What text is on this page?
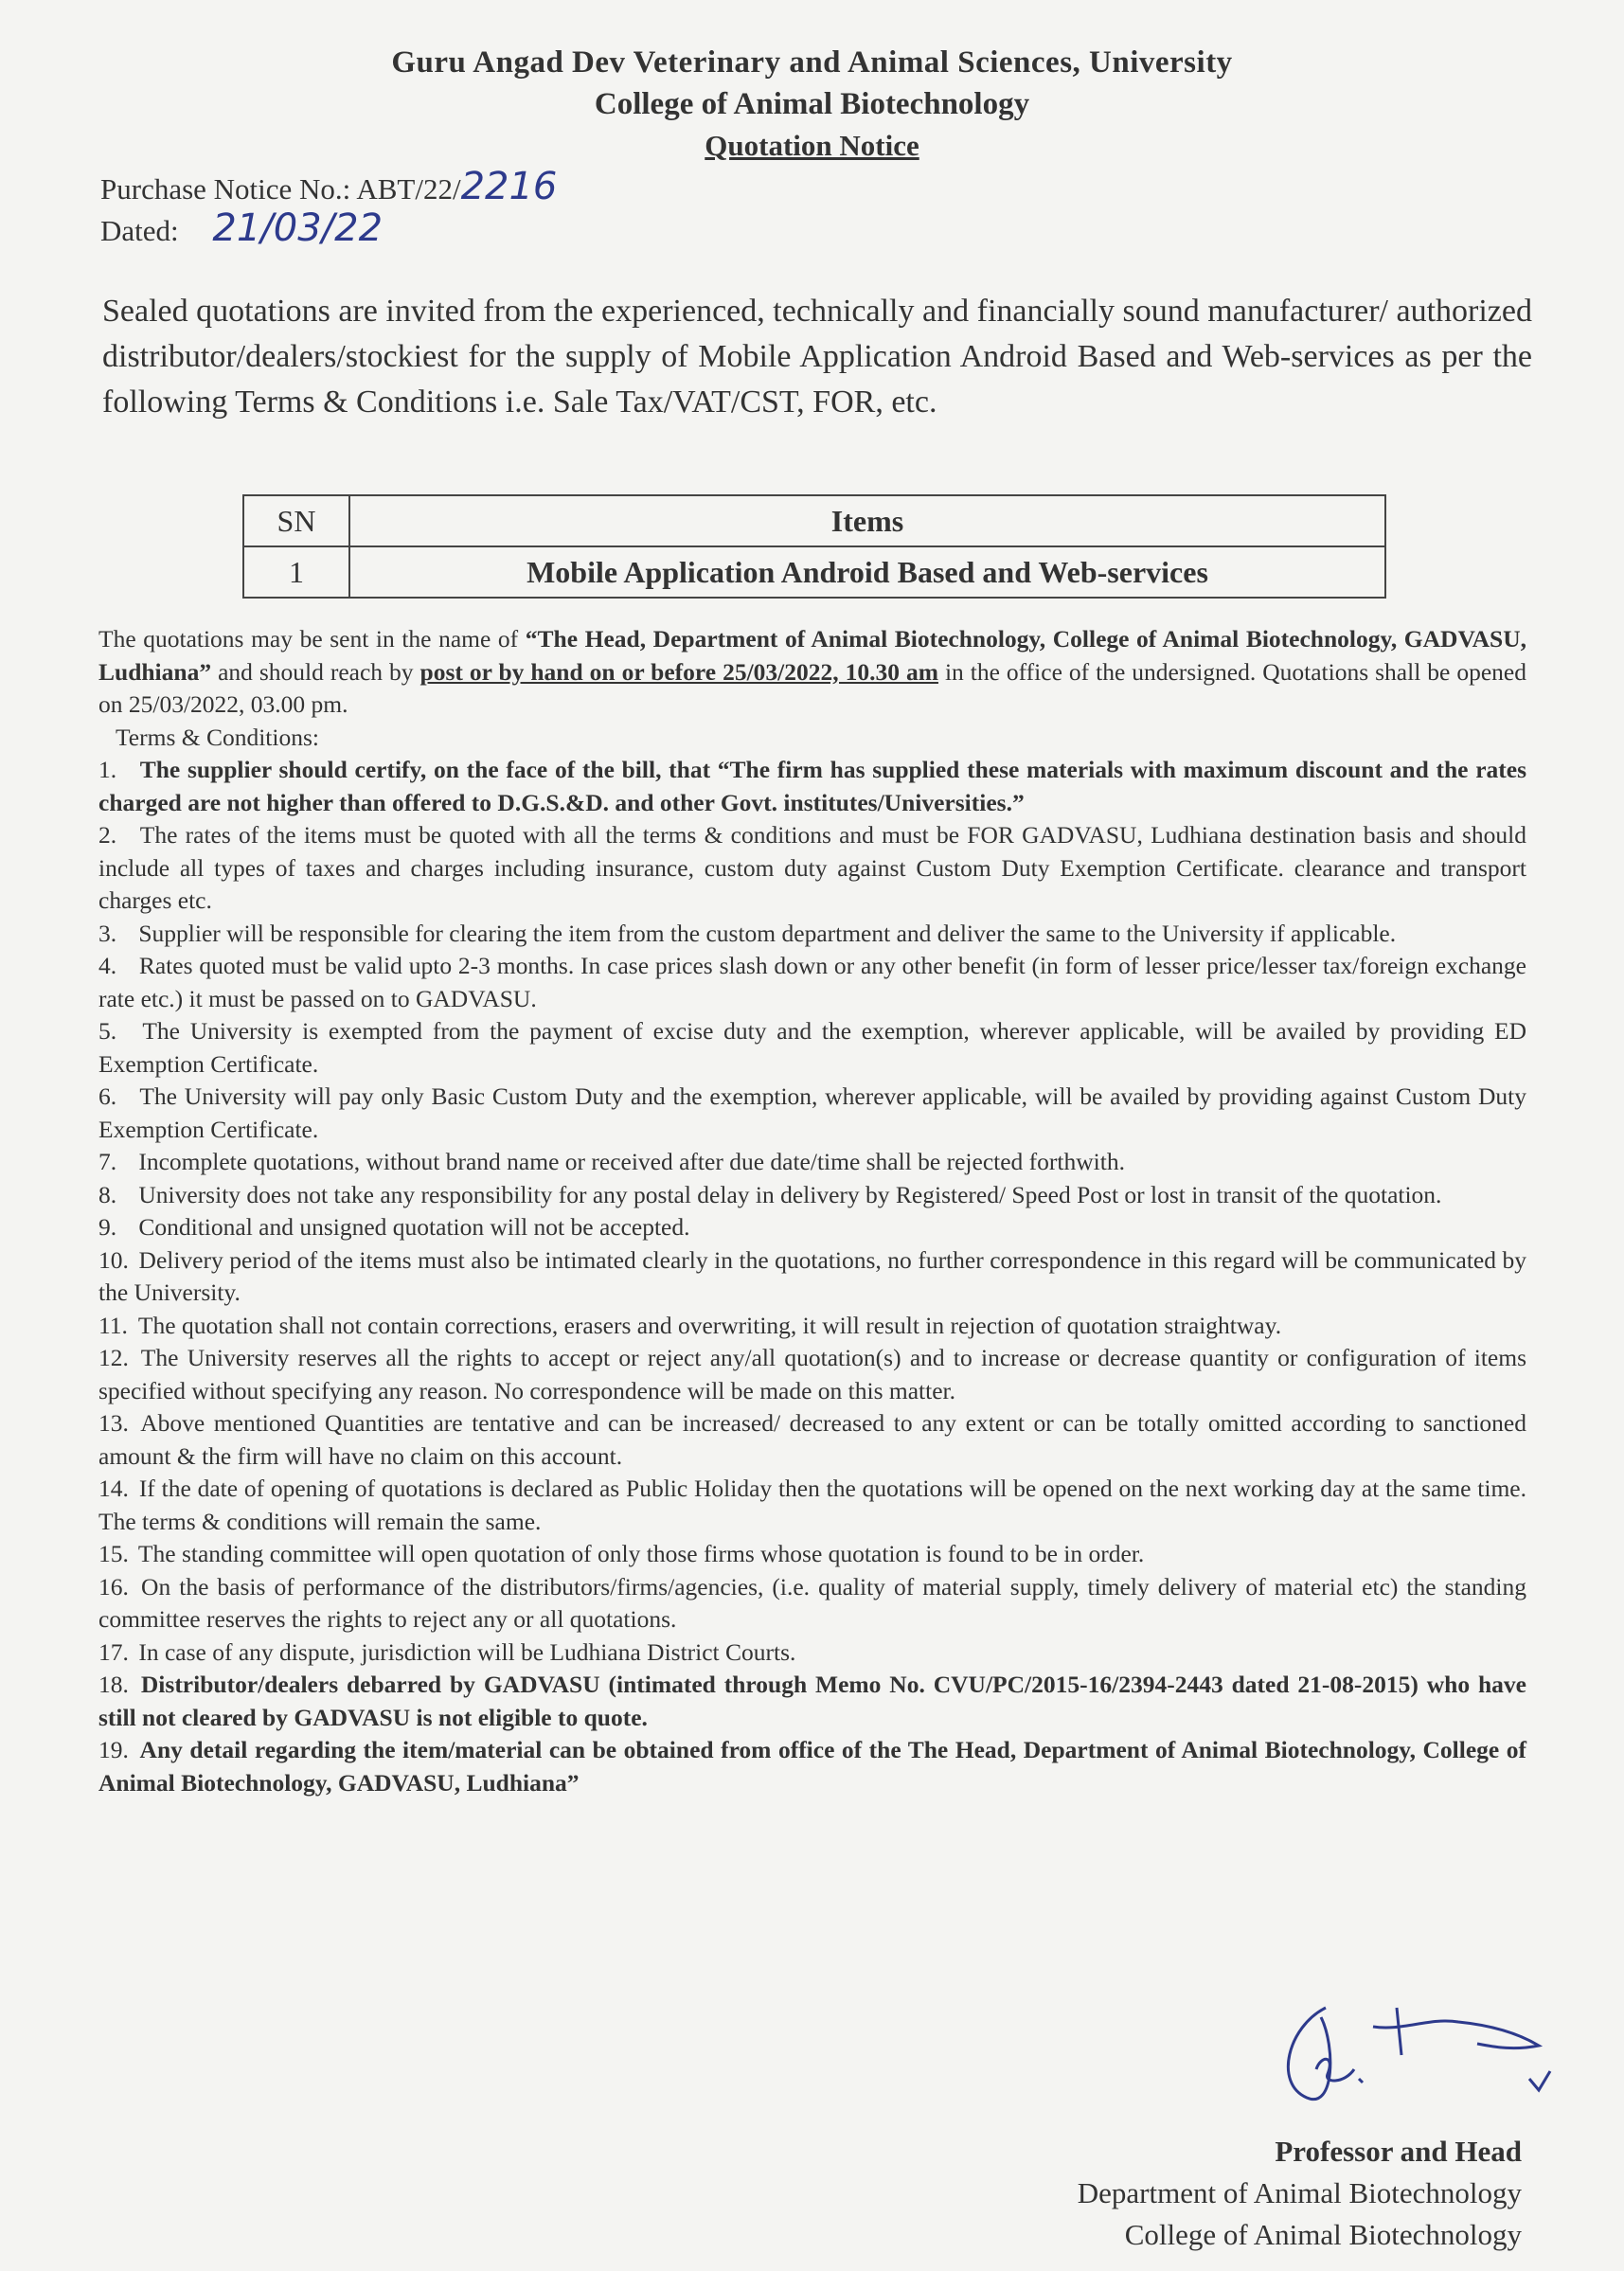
Guru Angad Dev Veterinary and Animal Sciences, University
College of Animal Biotechnology
Quotation Notice
Purchase Notice No.: ABT/22/2216
Dated: 21/03/22
Sealed quotations are invited from the experienced, technically and financially sound manufacturer/ authorized distributor/dealers/stockiest for the supply of Mobile Application Android Based and Web-services as per the following Terms & Conditions i.e. Sale Tax/VAT/CST, FOR, etc.
SN	Items
1	Mobile Application Android Based and Web-services

The quotations may be sent in the name of “The Head, Department of Animal Biotechnology, College of Animal Biotechnology, GADVASU, Ludhiana” and should reach by post or by hand on or before 25/03/2022, 10.30 am in the office of the undersigned. Quotations shall be opened on 25/03/2022, 03.00 pm.

Terms & Conditions:

1. The supplier should certify, on the face of the bill, that “The firm has supplied these materials with maximum discount and the rates charged are not higher than offered to D.G.S.&D. and other Govt. institutes/Universities.”

2. The rates of the items must be quoted with all the terms & conditions and must be FOR GADVASU, Ludhiana destination basis and should include all types of taxes and charges including insurance, custom duty against Custom Duty Exemption Certificate. clearance and transport charges etc.

3. Supplier will be responsible for clearing the item from the custom department and deliver the same to the University if applicable.

4. Rates quoted must be valid upto 2-3 months. In case prices slash down or any other benefit (in form of lesser price/lesser tax/foreign exchange rate etc.) it must be passed on to GADVASU.

5. The University is exempted from the payment of excise duty and the exemption, wherever applicable, will be availed by providing ED Exemption Certificate.

6. The University will pay only Basic Custom Duty and the exemption, wherever applicable, will be availed by providing against Custom Duty Exemption Certificate.

7. Incomplete quotations, without brand name or received after due date/time shall be rejected forthwith.

8. University does not take any responsibility for any postal delay in delivery by Registered/ Speed Post or lost in transit of the quotation.

9. Conditional and unsigned quotation will not be accepted.

10. Delivery period of the items must also be intimated clearly in the quotations, no further correspondence in this regard will be communicated by the University.

11. The quotation shall not contain corrections, erasers and overwriting, it will result in rejection of quotation straightway.

12. The University reserves all the rights to accept or reject any/all quotation(s) and to increase or decrease quantity or configuration of items specified without specifying any reason. No correspondence will be made on this matter.

13. Above mentioned Quantities are tentative and can be increased/ decreased to any extent or can be totally omitted according to sanctioned amount & the firm will have no claim on this account.

14. If the date of opening of quotations is declared as Public Holiday then the quotations will be opened on the next working day at the same time. The terms & conditions will remain the same.

15. The standing committee will open quotation of only those firms whose quotation is found to be in order.

16. On the basis of performance of the distributors/firms/agencies, (i.e. quality of material supply, timely delivery of material etc) the standing committee reserves the rights to reject any or all quotations.

17. In case of any dispute, jurisdiction will be Ludhiana District Courts.

18. Distributor/dealers debarred by GADVASU (intimated through Memo No. CVU/PC/2015-16/2394-2443 dated 21-08-2015) who have still not cleared by GADVASU is not eligible to quote.

19. Any detail regarding the item/material can be obtained from office of the The Head, Department of Animal Biotechnology, College of Animal Biotechnology, GADVASU, Ludhiana”

Professor and Head
Department of Animal Biotechnology
College of Animal Biotechnology
